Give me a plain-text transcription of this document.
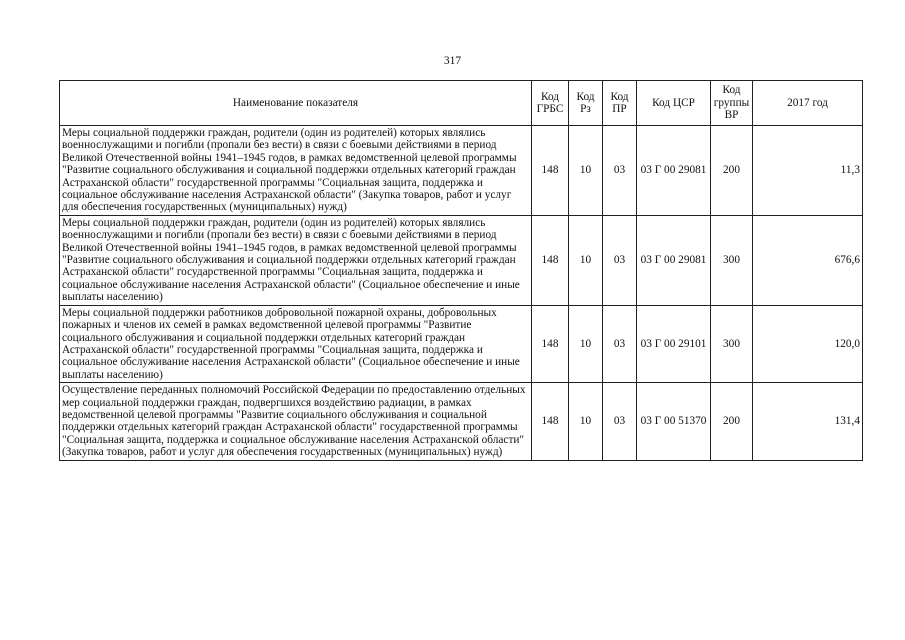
317
Наименование показателя	Код ГРБС	Код Рз	Код ПР	Код ЦСР	Код группы ВР	2017 год
Меры социальной поддержки граждан, родители (один из родителей) которых являлись военнослужащими и погибли (пропали без вести) в связи с боевыми действиями в период Великой Отечественной войны 1941–1945 годов, в рамках ведомственной целевой программы "Развитие социального обслуживания и социальной поддержки отдельных категорий граждан Астраханской области" государственной программы "Социальная защита, поддержка и социальное обслуживание населения Астраханской области" (Закупка товаров, работ и услуг для обеспечения государственных (муниципальных) нужд)	148	10	03	03 Г 00 29081	200	11,3
Меры социальной поддержки граждан, родители (один из родителей) которых являлись военнослужащими и погибли (пропали без вести) в связи с боевыми действиями в период Великой Отечественной войны 1941–1945 годов, в рамках ведомственной целевой программы "Развитие социального обслуживания и социальной поддержки отдельных категорий граждан Астраханской области" государственной программы "Социальная защита, поддержка и социальное обслуживание населения Астраханской области" (Социальное обеспечение и иные выплаты населению)	148	10	03	03 Г 00 29081	300	676,6
Меры социальной поддержки работников добровольной пожарной охраны, добровольных пожарных и членов их семей в рамках ведомственной целевой программы "Развитие социального обслуживания и социальной поддержки отдельных категорий граждан Астраханской области" государственной программы "Социальная защита, поддержка и социальное обслуживание населения Астраханской области" (Социальное обеспечение и иные выплаты населению)	148	10	03	03 Г 00 29101	300	120,0
Осуществление переданных полномочий Российской Федерации по предоставлению отдельных мер социальной поддержки граждан, подвергшихся воздействию радиации, в рамках ведомственной целевой программы "Развитие социального обслуживания и социальной поддержки отдельных категорий граждан Астраханской области" государственной программы "Социальная защита, поддержка и социальное обслуживание населения Астраханской области" (Закупка товаров, работ и услуг для обеспечения государственных (муниципальных) нужд)	148	10	03	03 Г 00 51370	200	131,4
